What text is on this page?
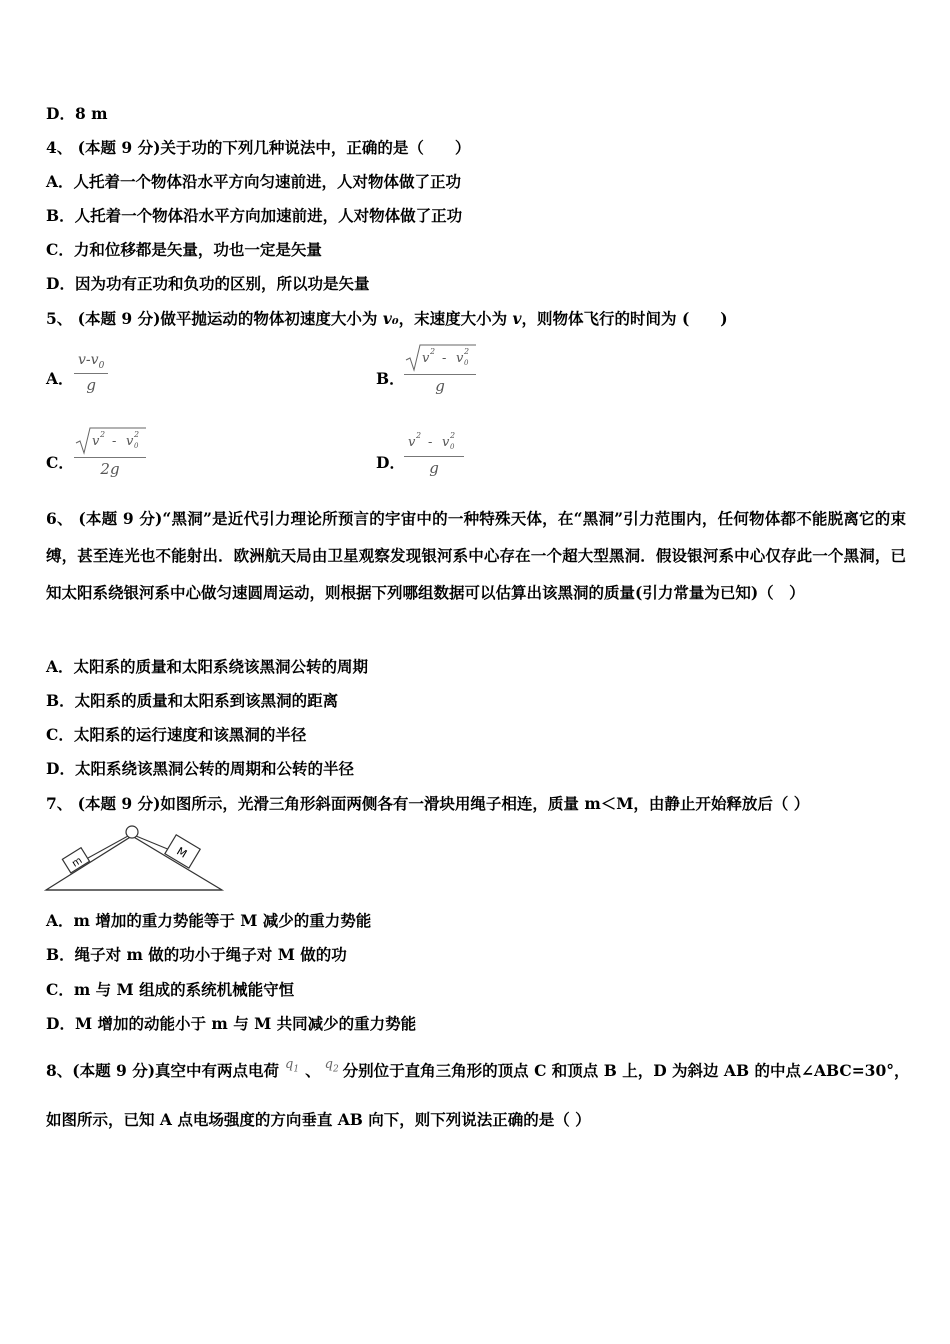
D．8 m
4、 (本题 9 分)关于功的下列几种说法中，正确的是（　　）
A．人托着一个物体沿水平方向匀速前进，人对物体做了正功
B．人托着一个物体沿水平方向加速前进，人对物体做了正功
C．力和位移都是矢量，功也一定是矢量
D．因为功有正功和负功的区别，所以功是矢量
5、 (本题 9 分)做平抛运动的物体初速度大小为 v₀，末速度大小为 v，则物体飞行的时间为 (　　)
A．
$v-v_0$
g	B．
v 2 - v 2
0
g
C．
v 2 - v 2
0
2g	D．
v 2 - v 2
0
g
6、 (本题 9 分)“黑洞”是近代引力理论所预言的宇宙中的一种特殊天体，在“黑洞”引力范围内，任何物体都不能脱离它的束缚，甚至连光也不能射出．欧洲航天局由卫星观察发现银河系中心存在一个超大型黑洞．假设银河系中心仅存此一个黑洞，已知太阳系绕银河系中心做匀速圆周运动，则根据下列哪组数据可以估算出该黑洞的质量(引力常量为已知)（　）
A．太阳系的质量和太阳系绕该黑洞公转的周期
B．太阳系的质量和太阳系到该黑洞的距离
C．太阳系的运行速度和该黑洞的半径
D．太阳系绕该黑洞公转的周期和公转的半径
7、 (本题 9 分)如图所示，光滑三角形斜面两侧各有一滑块用绳子相连，质量 m＜M，由静止开始释放后（ ）
m
M
A．m 增加的重力势能等于 M 减少的重力势能
B．绳子对 m 做的功小于绳子对 M 做的功
C．m 与 M 组成的系统机械能守恒
D．M 增加的动能小于 m 与 M 共同减少的重力势能
8、(本题 9 分)真空中有两点电荷 $^{q_1}$ 、 $^{q_2}$ 分别位于直角三角形的顶点 C 和顶点 B 上，D 为斜边 AB 的中点∠ABC=30°，
如图所示，已知 A 点电场强度的方向垂直 AB 向下，则下列说法正确的是（ ）
